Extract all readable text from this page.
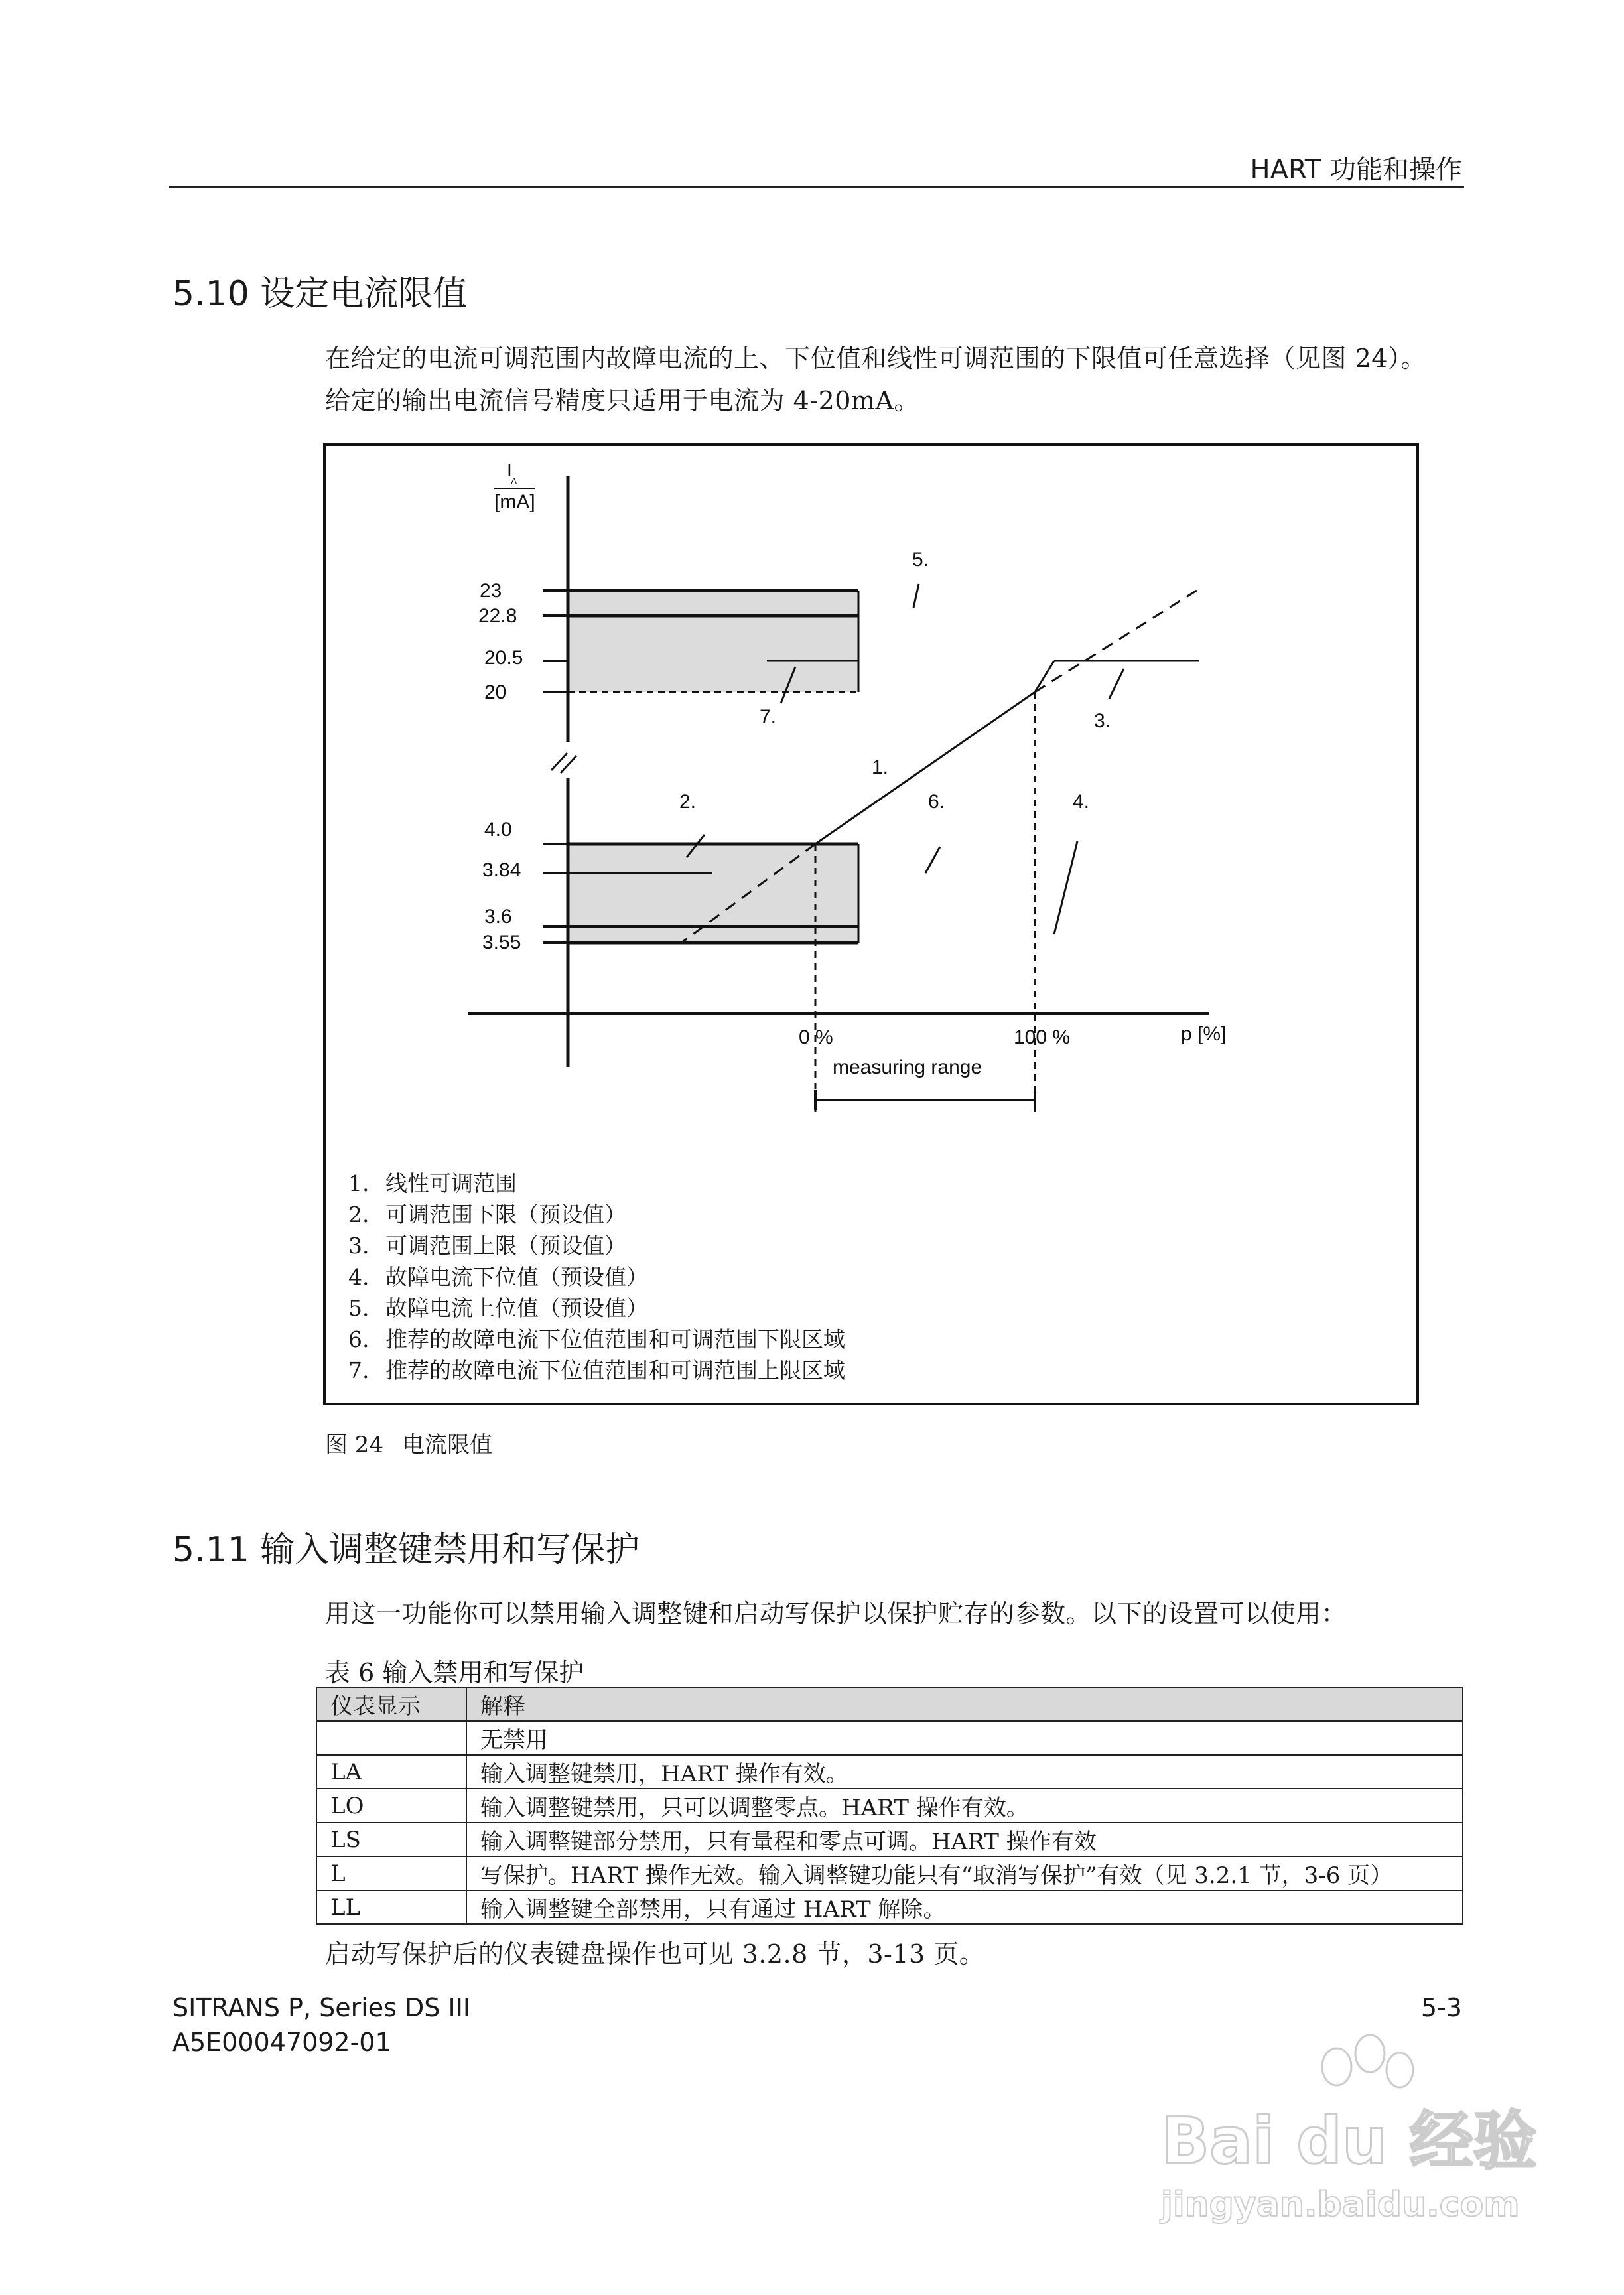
HART 功能和操作
5.10 设定电流限值
在给定的电流可调范围内故障电流的上、下位值和线性可调范围的下限值可任意选择（见图 24）。
给定的输出电流信号精度只适用于电流为 4-20mA。
I
A
[mA]
23
22.8
20.5
20
4.0
3.84
3.6
3.55
0 %	100 %	p [%]
measuring range
5.
7.	3.
1.
2.	6.	4.
1. 线性可调范围
2. 可调范围下限（预设值）
3. 可调范围上限（预设值）
4. 故障电流下位值（预设值）
5. 故障电流上位值（预设值）
6. 推荐的故障电流下位值范围和可调范围下限区域
7. 推荐的故障电流下位值范围和可调范围上限区域
图 24 电流限值
5.11 输入调整键禁用和写保护
用这一功能你可以禁用输入调整键和启动写保护以保护贮存的参数。以下的设置可以使用：
表 6 输入禁用和写保护
仪表显示	解释
	无禁用
LA	输入调整键禁用，HART 操作有效。
LO	输入调整键禁用，只可以调整零点。HART 操作有效。
LS	输入调整键部分禁用，只有量程和零点可调。HART 操作有效
L	写保护。HART 操作无效。输入调整键功能只有“取消写保护”有效（见 3.2.1 节，3-6 页）
LL	输入调整键全部禁用，只有通过 HART 解除。
启动写保护后的仪表键盘操作也可见 3.2.8 节，3-13 页。
SITRANS P, Series DS III
A5E00047092-01
5-3
Bai du 经验
jingyan.baidu.com
